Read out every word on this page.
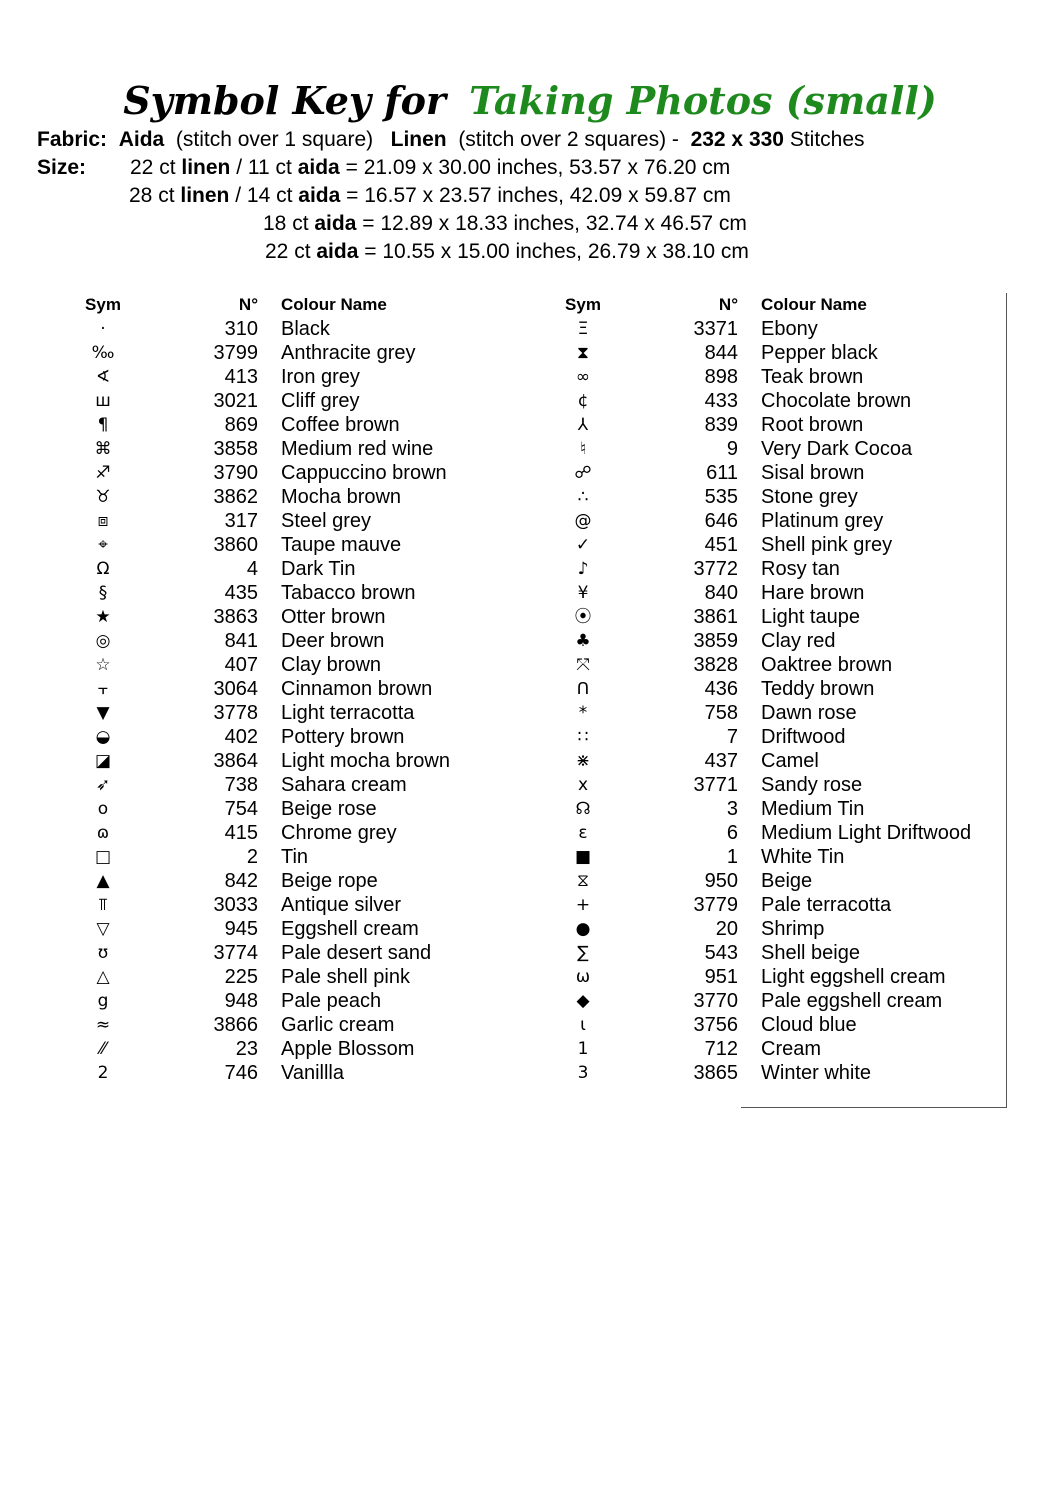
Symbol Key for Taking Photos (small)
Fabric: Aida (stitch over 1 square) Linen (stitch over 2 squares) - 232 x 330 Stitches
Size: 22 ct linen / 11 ct aida = 21.09 x 30.00 inches, 53.57 x 76.20 cm
28 ct linen / 14 ct aida = 16.57 x 23.57 inches, 42.09 x 59.87 cm
18 ct aida = 12.89 x 18.33 inches, 32.74 x 46.57 cm
22 ct aida = 10.55 x 15.00 inches, 26.79 x 38.10 cm
Sym	N° Colour Name
·	310 Black
‰	3799 Anthracite grey
∢	413 Iron grey
ш	3021 Cliff grey
¶	869 Coffee brown
⌘	3858 Medium red wine
♐	3790 Cappuccino brown
♉	3862 Mocha brown
⧈	317 Steel grey
⌖	3860 Taupe mauve
Ω	4 Dark Tin
§	435 Tabacco brown
★	3863 Otter brown
◎	841 Deer brown
☆	407 Clay brown
⫟	3064 Cinnamon brown
▼	3778 Light terracotta
◒	402 Pottery brown
◪	3864 Light mocha brown
➶	738 Sahara cream
o	754 Beige rose
ɷ	415 Chrome grey
□	2 Tin
▲	842 Beige rope
⫪	3033 Antique silver
▽	945 Eggshell cream
ʊ	3774 Pale desert sand
△	225 Pale shell pink
g	948 Pale peach
≈	3866 Garlic cream
⁄⁄	23 Apple Blossom
2	746 Vanillla
Sym	N° Colour Name
Ξ	3371 Ebony
⧗	844 Pepper black
∞	898 Teak brown
¢	433 Chocolate brown
⅄	839 Root brown
♮	9 Very Dark Cocoa
☍	611 Sisal brown
∴	535 Stone grey
@	646 Platinum grey
✓	451 Shell pink grey
♪	3772 Rosy tan
¥	840 Hare brown
⦿	3861 Light taupe
♣	3859 Clay red
⤧	3828 Oaktree brown
ᑎ	436 Teddy brown
*	758 Dawn rose
∷	7 Driftwood
⋇	437 Camel
x	3771 Sandy rose
☊	3 Medium Tin
ε	6 Medium Light Driftwood
■	1 White Tin
⧖	950 Beige
+	3779 Pale terracotta
●	20 Shrimp
∑	543 Shell beige
ω	951 Light eggshell cream
◆	3770 Pale eggshell cream
ɩ	3756 Cloud blue
1	712 Cream
3	3865 Winter white
